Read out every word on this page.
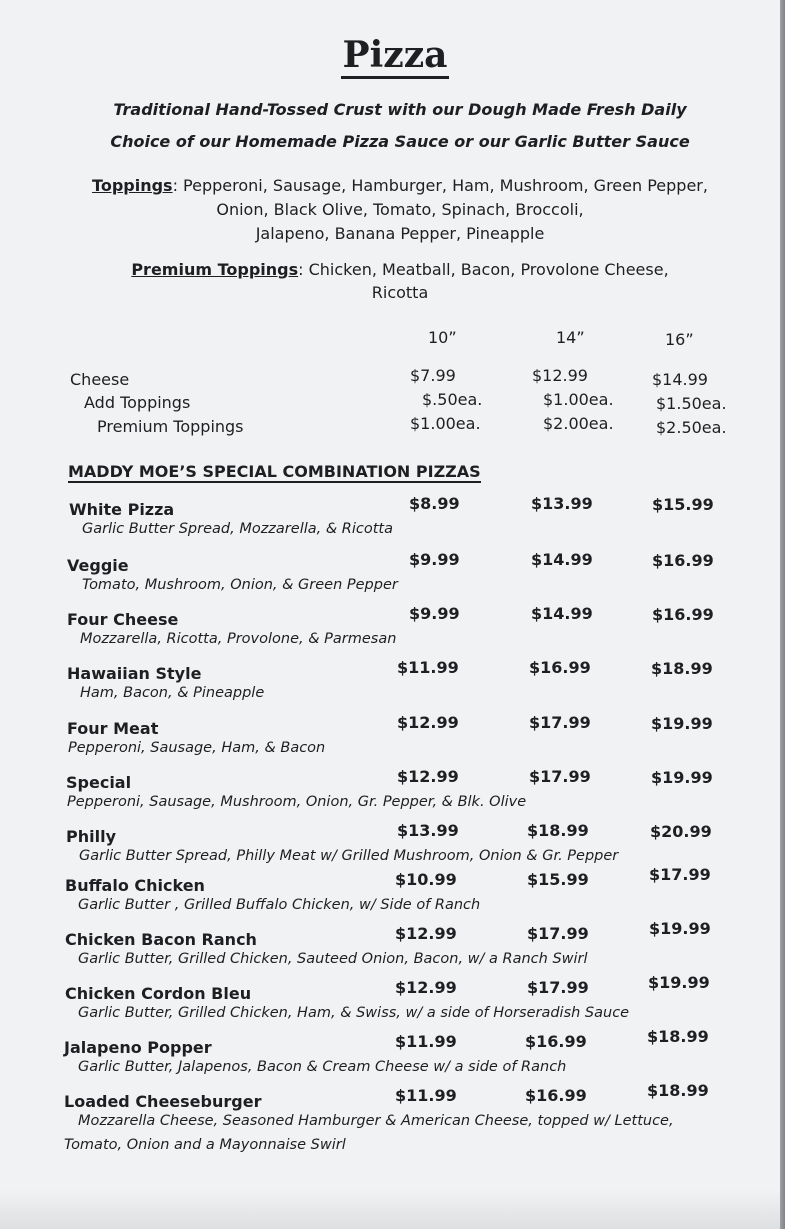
Pizza
Traditional Hand-Tossed Crust with our Dough Made Fresh Daily
Choice of our Homemade Pizza Sauce or our Garlic Butter Sauce
Toppings: Pepperoni, Sausage, Hamburger, Ham, Mushroom, Green Pepper,
Onion, Black Olive, Tomato, Spinach, Broccoli,
Jalapeno, Banana Pepper, Pineapple
Premium Toppings: Chicken, Meatball, Bacon, Provolone Cheese,
Ricotta
10”	14”	16”
Cheese	$7.99	$12.99	$14.99
Add Toppings	$.50ea.	$1.00ea.	$1.50ea.
Premium Toppings	$1.00ea.	$2.00ea.	$2.50ea.
MADDY MOE’S SPECIAL COMBINATION PIZZAS
White Pizza
Garlic Butter Spread, Mozzarella, & Ricotta
$8.99	$13.99	$15.99
Veggie
Tomato, Mushroom, Onion, & Green Pepper
$9.99	$14.99	$16.99
Four Cheese
Mozzarella, Ricotta, Provolone, & Parmesan
$9.99	$14.99	$16.99
Hawaiian Style
Ham, Bacon, & Pineapple
$11.99	$16.99	$18.99
Four Meat
Pepperoni, Sausage, Ham, & Bacon
$12.99	$17.99	$19.99
Special
Pepperoni, Sausage, Mushroom, Onion, Gr. Pepper, & Blk. Olive
$12.99	$17.99	$19.99
Philly
Garlic Butter Spread, Philly Meat w/ Grilled Mushroom, Onion & Gr. Pepper
$13.99	$18.99	$20.99
Buffalo Chicken
Garlic Butter , Grilled Buffalo Chicken, w/ Side of Ranch
$10.99	$15.99	$17.99
Chicken Bacon Ranch
Garlic Butter, Grilled Chicken, Sauteed Onion, Bacon, w/ a Ranch Swirl
$12.99	$17.99	$19.99
Chicken Cordon Bleu
Garlic Butter, Grilled Chicken, Ham, & Swiss, w/ a side of Horseradish Sauce
$12.99	$17.99	$19.99
Jalapeno Popper
Garlic Butter, Jalapenos, Bacon & Cream Cheese w/ a side of Ranch
$11.99	$16.99	$18.99
Loaded Cheeseburger
Mozzarella Cheese, Seasoned Hamburger & American Cheese, topped w/ Lettuce,
Tomato, Onion and a Mayonnaise Swirl
$11.99	$16.99	$18.99
